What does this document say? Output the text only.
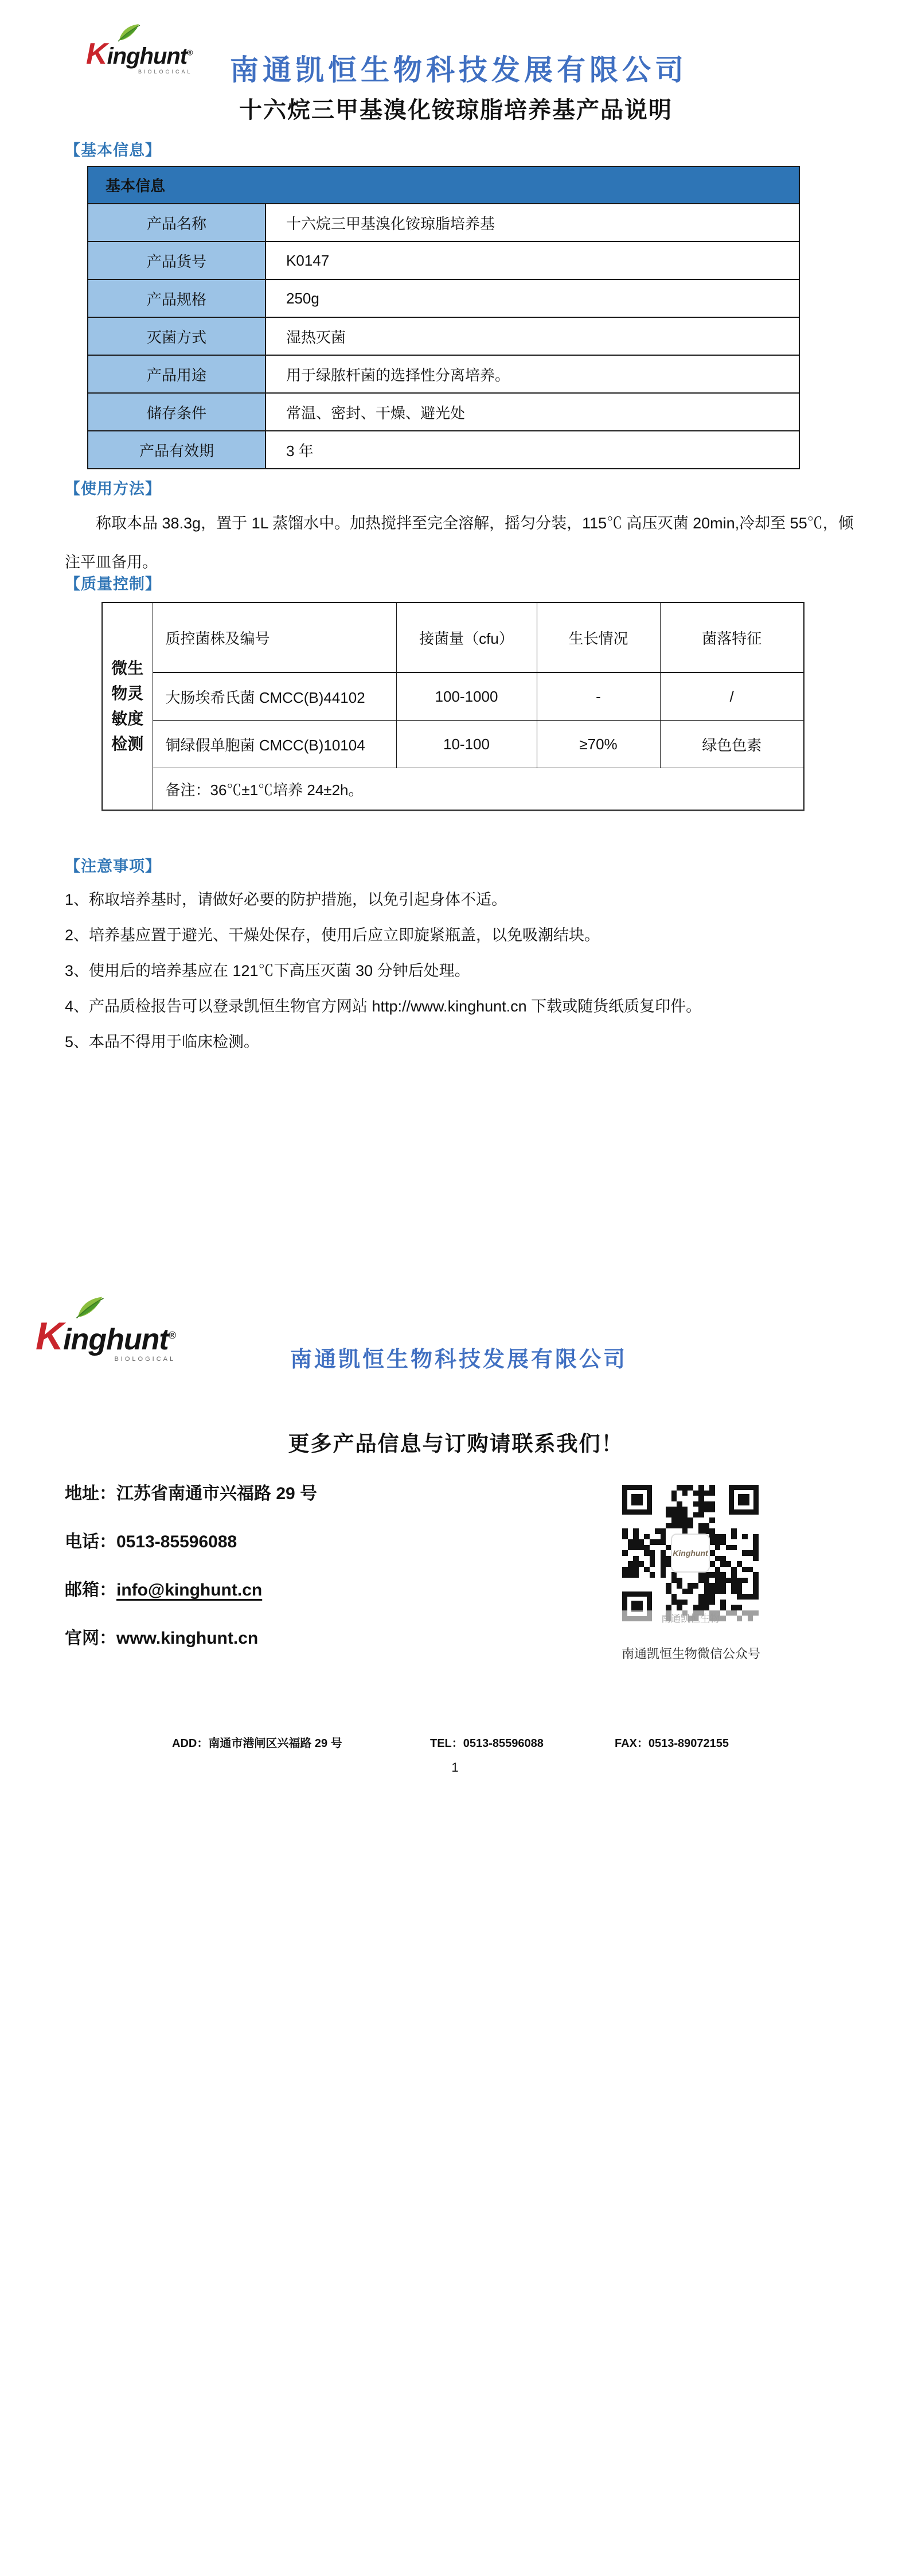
Kinghunt®
BIOLOGICAL	南通凯恒生物科技发展有限公司
十六烷三甲基溴化铵琼脂培养基产品说明
【基本信息】
基本信息	
产品名称	十六烷三甲基溴化铵琼脂培养基
产品货号	K0147
产品规格	250g
灭菌方式	湿热灭菌
产品用途	用于绿脓杆菌的选择性分离培养。
储存条件	常温、密封、干燥、避光处
产品有效期	3 年
【使用方法】
称取本品 38.3g，置于 1L 蒸馏水中。加热搅拌至完全溶解，摇匀分装，115℃ 高压灭菌 20min,冷却至 55℃，倾注平皿备用。
【质量控制】
微生物灵敏度检测	质控菌株及编号	接菌量（cfu）	生长情况	菌落特征
	大肠埃希氏菌 CMCC(B)44102	100-1000	-	/
	铜绿假单胞菌 CMCC(B)10104	10-100	≥70%	绿色色素
	备注：36℃±1℃培养 24±2h。			
【注意事项】
1、称取培养基时，请做好必要的防护措施，以免引起身体不适。
2、培养基应置于避光、干燥处保存，使用后应立即旋紧瓶盖，以免吸潮结块。
3、使用后的培养基应在 121℃下高压灭菌 30 分钟后处理。
4、产品质检报告可以登录凯恒生物官方网站 http://www.kinghunt.cn 下载或随货纸质复印件。
5、本品不得用于临床检测。
Kinghunt®
BIOLOGICAL	南通凯恒生物科技发展有限公司
更多产品信息与订购请联系我们！
地址：江苏省南通市兴福路 29 号
电话：0513-85596088
邮箱：info@kinghunt.cn
官网：www.kinghunt.cn
Kinghunt
南通凯恒生物
南通凯恒生物微信公众号
ADD：南通市港闸区兴福路 29 号	TEL：0513-85596088	FAX：0513-89072155
1
